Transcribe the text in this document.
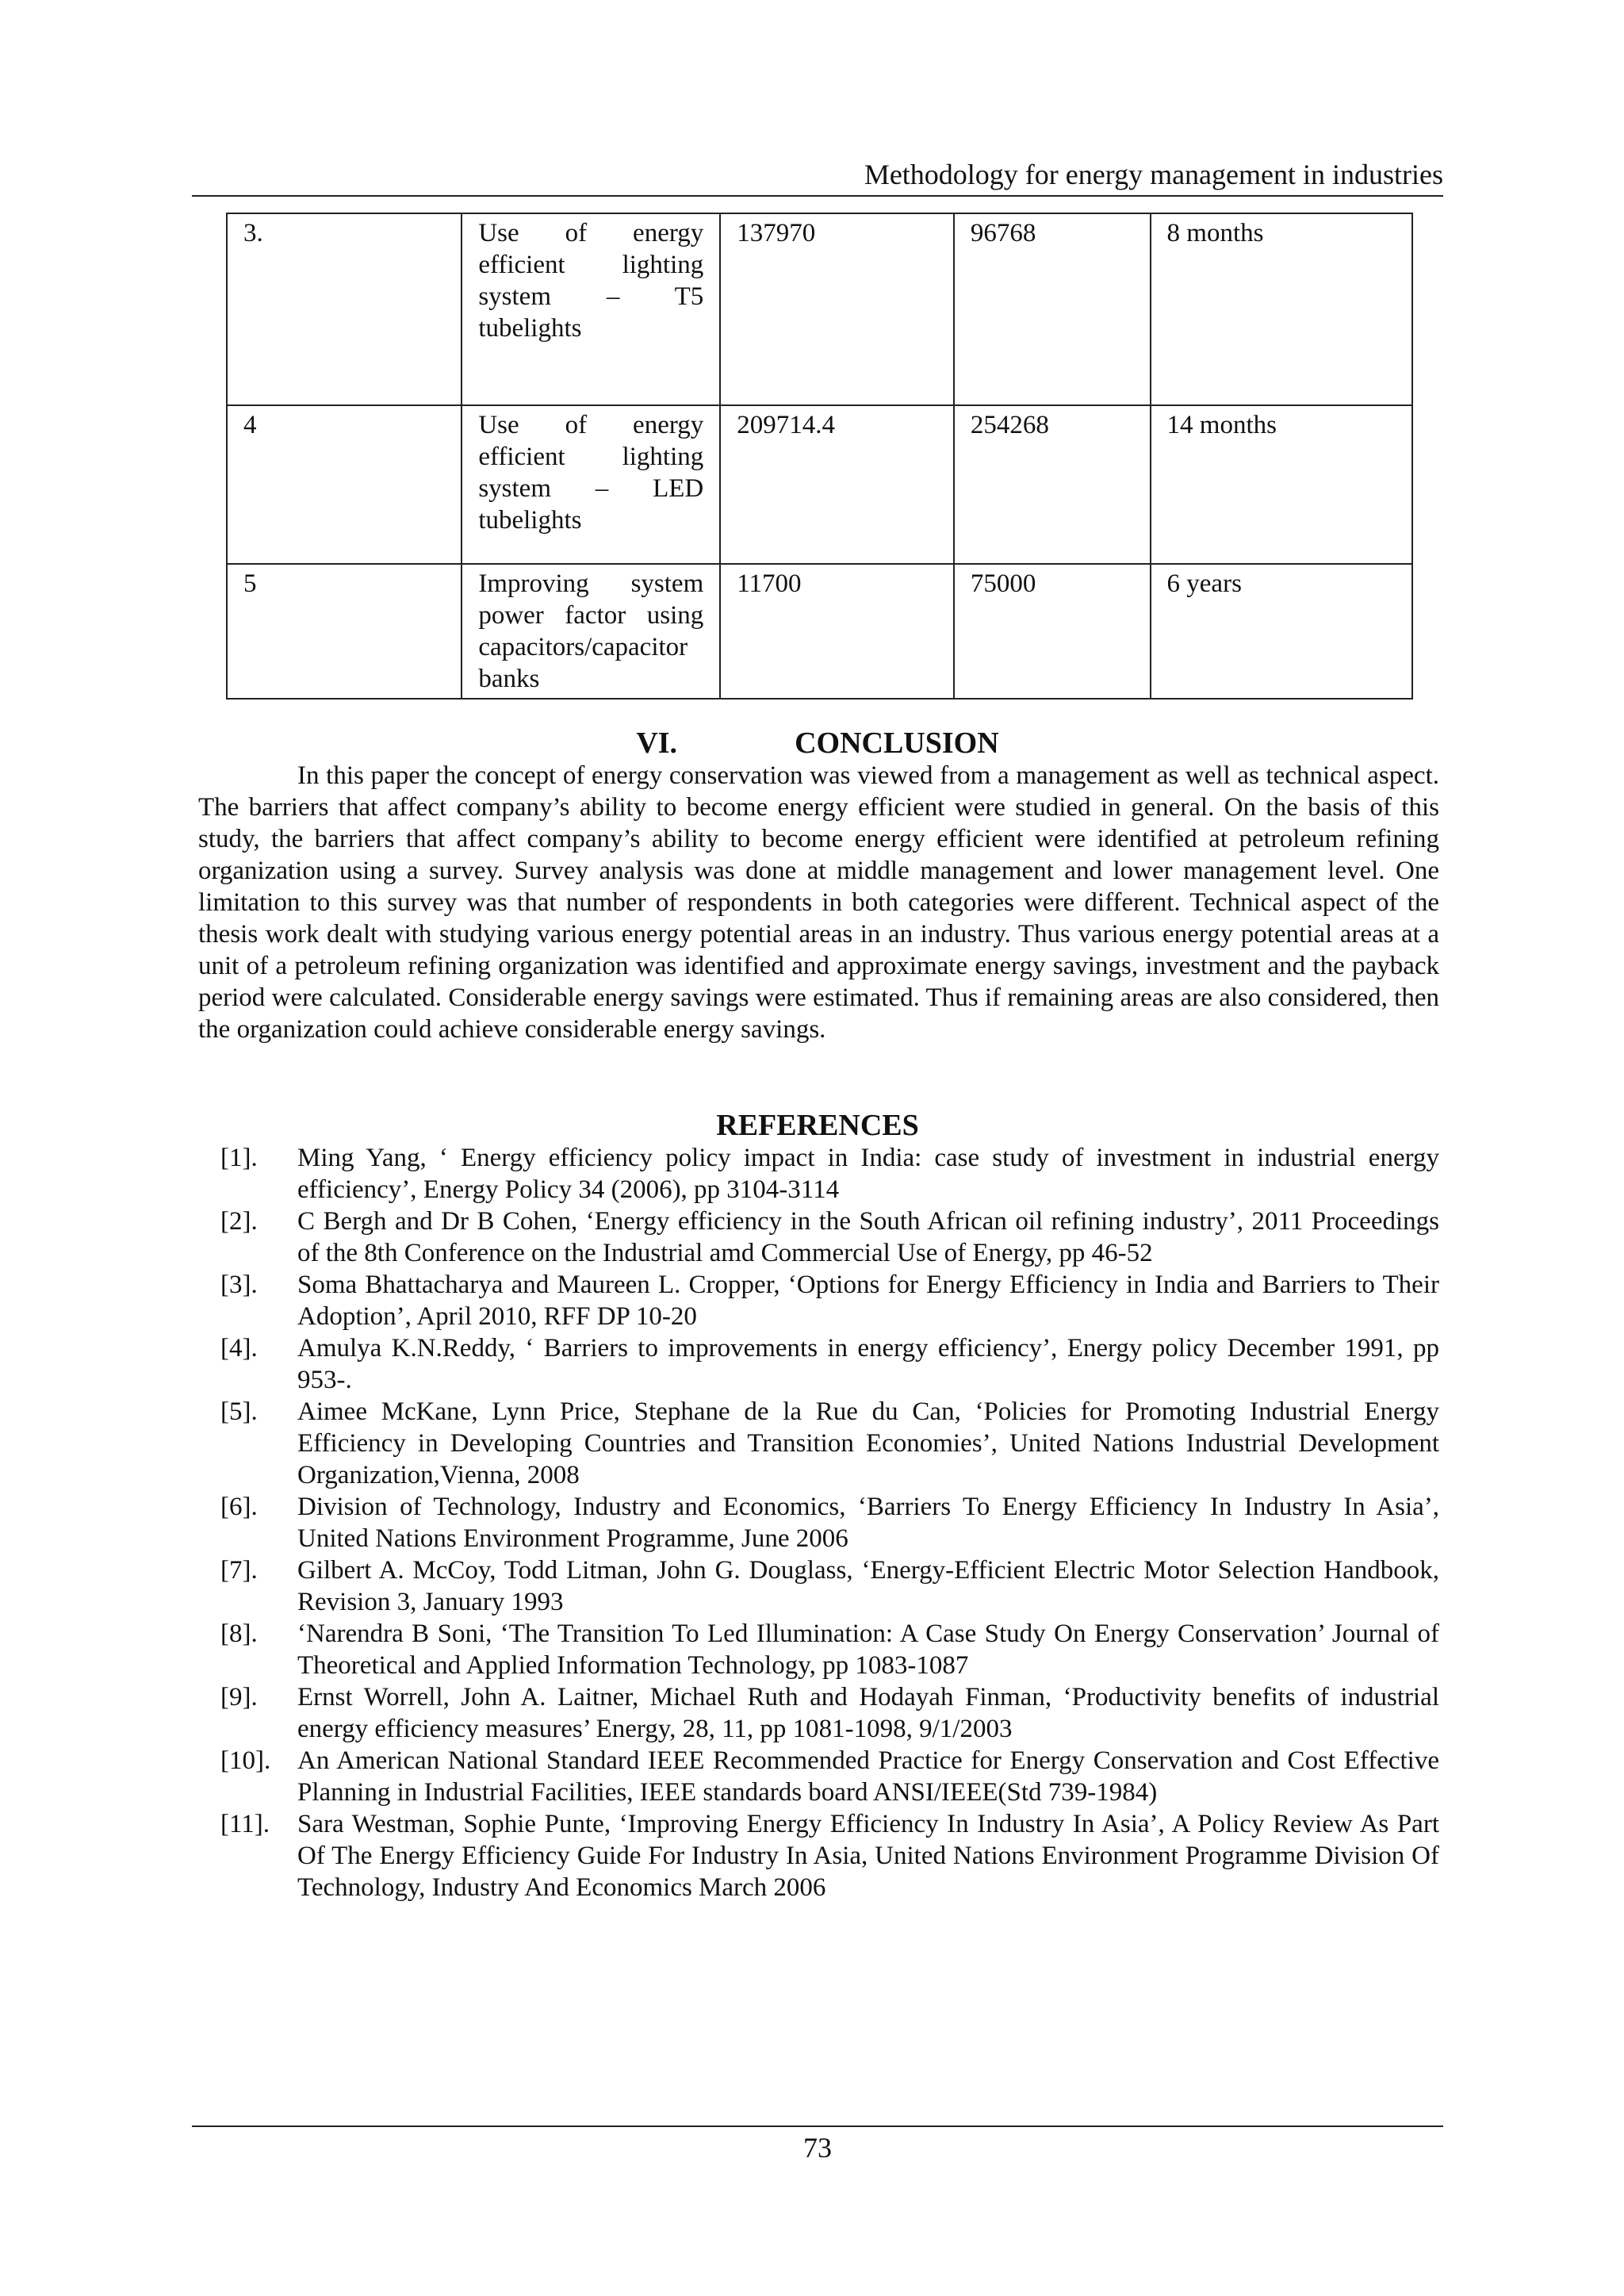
Methodology for energy management in industries
3.	Use of energy efficient lighting system – T5 tubelights	137970	96768	8 months
4	Use of energy efficient lighting system – LED tubelights	209714.4	254268	14 months
5	Improving system power factor using capacitors/capacitor banks	11700	75000	6 years
VI.	CONCLUSION

In this paper the concept of energy conservation was viewed from a management as well as technical aspect. The barriers that affect company’s ability to become energy efficient were studied in general. On the basis of this study, the barriers that affect company’s ability to become energy efficient were identified at petroleum refining organization using a survey. Survey analysis was done at middle management and lower management level. One limitation to this survey was that number of respondents in both categories were different. Technical aspect of the thesis work dealt with studying various energy potential areas in an industry. Thus various energy potential areas at a unit of a petroleum refining organization was identified and approximate energy savings, investment and the payback period were calculated. Considerable energy savings were estimated. Thus if remaining areas are also considered, then the organization could achieve considerable energy savings.

REFERENCES
[1]. Ming Yang, ‘ Energy efficiency policy impact in India: case study of investment in industrial energy efficiency’, Energy Policy 34 (2006), pp 3104-3114
[2]. C Bergh and Dr B Cohen, ‘Energy efficiency in the South African oil refining industry’, 2011 Proceedings of the 8th Conference on the Industrial amd Commercial Use of Energy, pp 46-52
[3]. Soma Bhattacharya and Maureen L. Cropper, ‘Options for Energy Efficiency in India and Barriers to Their Adoption’, April 2010, RFF DP 10-20
[4]. Amulya K.N.Reddy, ‘ Barriers to improvements in energy efficiency’, Energy policy December 1991, pp 953-.
[5]. Aimee McKane, Lynn Price, Stephane de la Rue du Can, ‘Policies for Promoting Industrial Energy Efficiency in Developing Countries and Transition Economies’, United Nations Industrial Development Organization,Vienna, 2008
[6]. Division of Technology, Industry and Economics, ‘Barriers To Energy Efficiency In Industry In Asia’, United Nations Environment Programme, June 2006
[7]. Gilbert A. McCoy, Todd Litman, John G. Douglass, ‘Energy-Efficient Electric Motor Selection Handbook, Revision 3, January 1993
[8]. ‘Narendra B Soni, ‘The Transition To Led Illumination: A Case Study On Energy Conservation’ Journal of Theoretical and Applied Information Technology, pp 1083-1087
[9]. Ernst Worrell, John A. Laitner, Michael Ruth and Hodayah Finman, ‘Productivity benefits of industrial energy efficiency measures’ Energy, 28, 11, pp 1081-1098, 9/1/2003
[10]. An American National Standard IEEE Recommended Practice for Energy Conservation and Cost Effective Planning in Industrial Facilities, IEEE standards board ANSI/IEEE(Std 739-1984)
[11]. Sara Westman, Sophie Punte, ‘Improving Energy Efficiency In Industry In Asia’, A Policy Review As Part Of The Energy Efficiency Guide For Industry In Asia, United Nations Environment Programme Division Of Technology, Industry And Economics March 2006
73
